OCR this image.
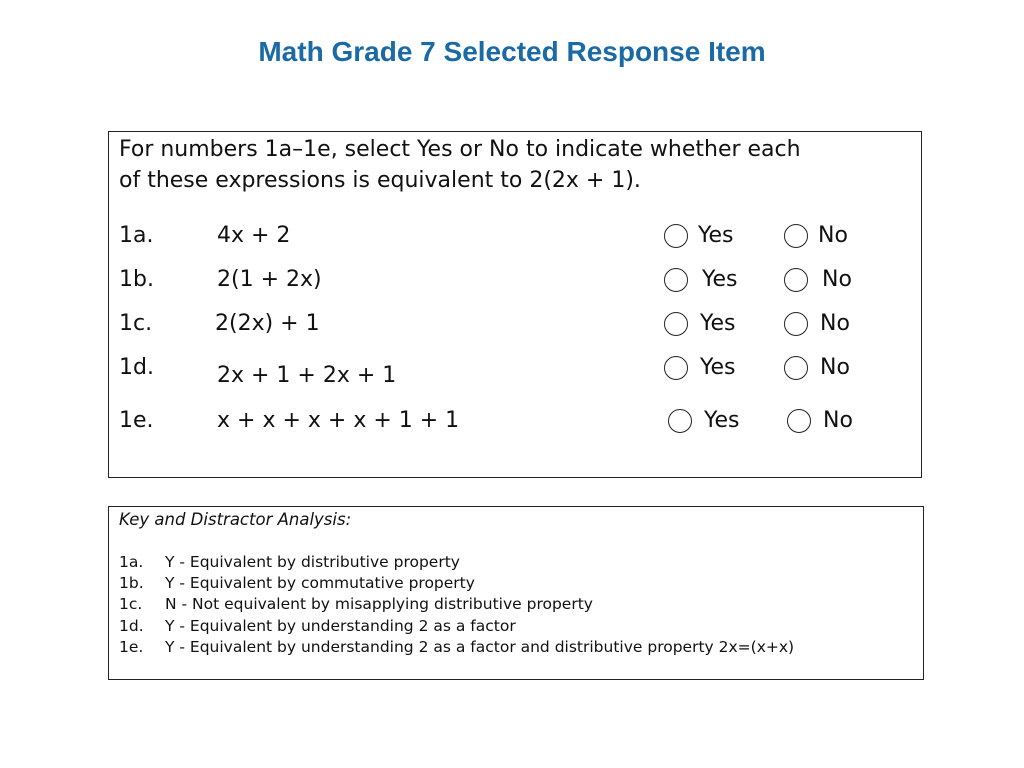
Math Grade 7 Selected Response Item
For numbers 1a–1e, select Yes or No to indicate whether each
of these expressions is equivalent to 2(2x + 1).
1a.	4x + 2	Yes	No
1b.	2(1 + 2x)	Yes	No
1c.	2(2x) + 1	Yes	No
1d.	2x + 1 + 2x + 1	Yes	No
1e.	x + x + x + x + 1 + 1	Yes	No
Key and Distractor Analysis:
1a. Y - Equivalent by distributive property
1b. Y - Equivalent by commutative property
1c. N - Not equivalent by misapplying distributive property
1d. Y - Equivalent by understanding 2 as a factor
1e. Y - Equivalent by understanding 2 as a factor and distributive property 2x=(x+x)
